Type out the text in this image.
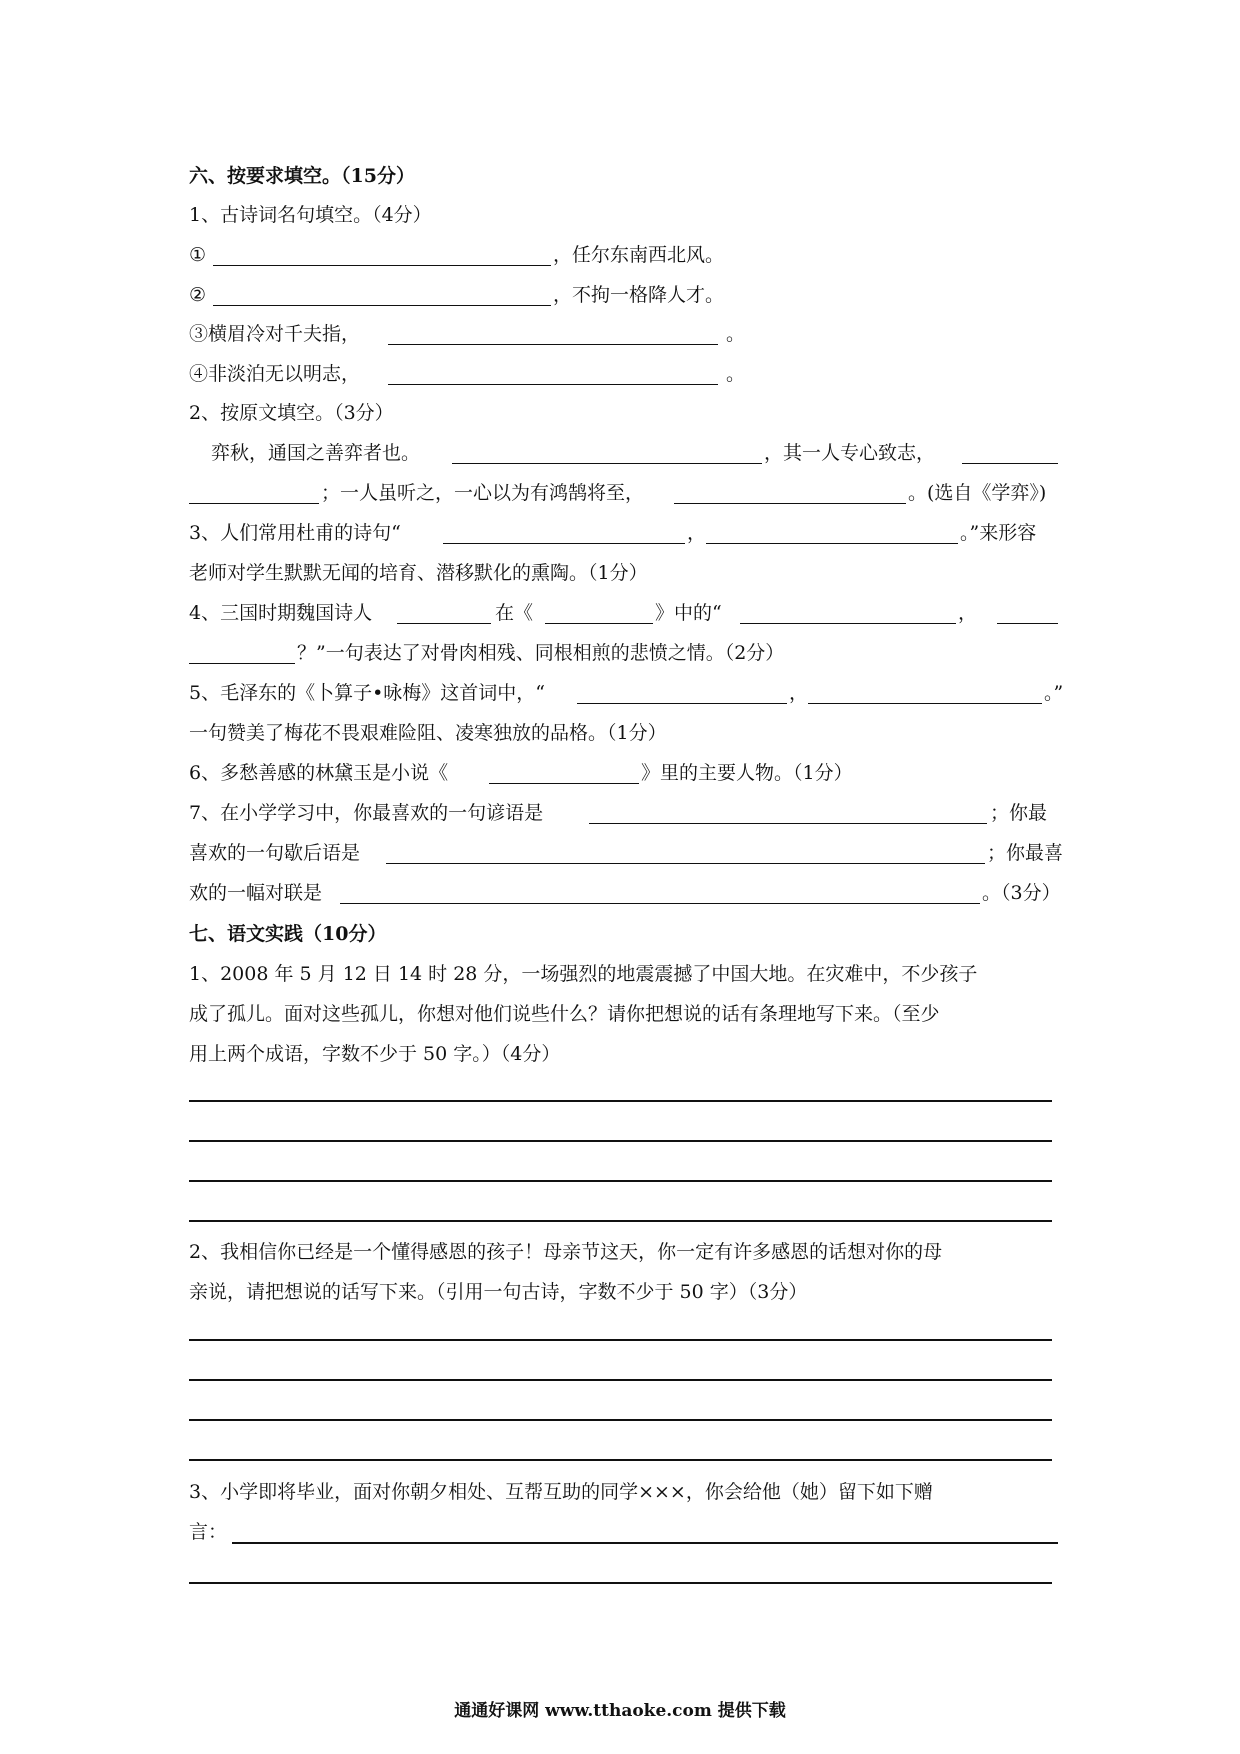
六、按要求填空。（15分）
1、古诗词名句填空。（4分）
①	，任尔东南西北风。
②	，不拘一格降人才。
③横眉冷对千夫指，	。
④非淡泊无以明志，	。
2、按原文填空。（3分）
弈秋，通国之善弈者也。	，其一人专心致志，
；一人虽听之，一心以为有鸿鹄将至，	。(选自《学弈》)
3、人们常用杜甫的诗句“	，	。”来形容
老师对学生默默无闻的培育、潜移默化的熏陶。（1分）
4、三国时期魏国诗人	在《	》中的“	，
？”一句表达了对骨肉相残、同根相煎的悲愤之情。（2分）
5、毛泽东的《卜算子•咏梅》这首词中，“	，	。”
一句赞美了梅花不畏艰难险阻、凌寒独放的品格。（1分）
6、多愁善感的林黛玉是小说《	》里的主要人物。（1分）
7、在小学学习中，你最喜欢的一句谚语是	；你最
喜欢的一句歇后语是	；你最喜
欢的一幅对联是	。（3分）
七、语文实践（10分）
1、2008 年 5 月 12 日 14 时 28 分，一场强烈的地震震撼了中国大地。在灾难中，不少孩子
成了孤儿。面对这些孤儿，你想对他们说些什么？请你把想说的话有条理地写下来。（至少
用上两个成语，字数不少于 50 字。）（4分）
2、我相信你已经是一个懂得感恩的孩子！母亲节这天，你一定有许多感恩的话想对你的母
亲说，请把想说的话写下来。（引用一句古诗，字数不少于 50 字）（3分）
3、小学即将毕业，面对你朝夕相处、互帮互助的同学×××，你会给他（她）留下如下赠
言：
通通好课网 www.tthaoke.com 提供下载
